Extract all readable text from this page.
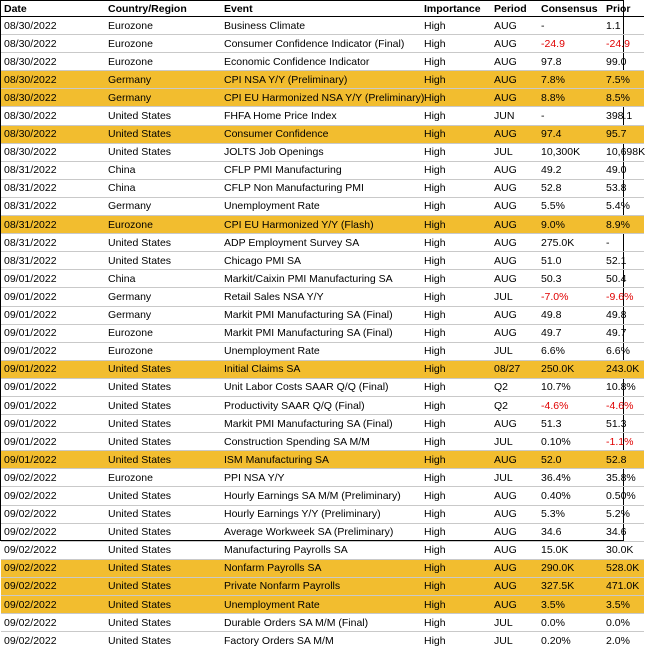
Date	Country/Region	Event	Importance	Period	Consensus	Prior
08/30/2022	Eurozone	Business Climate	High	AUG	-	1.1
08/30/2022	Eurozone	Consumer Confidence Indicator (Final)	High	AUG	-24.9	-24.9
08/30/2022	Eurozone	Economic Confidence Indicator	High	AUG	97.8	99.0
08/30/2022	Germany	CPI NSA Y/Y (Preliminary)	High	AUG	7.8%	7.5%
08/30/2022	Germany	CPI EU Harmonized NSA Y/Y (Preliminary)	High	AUG	8.8%	8.5%
08/30/2022	United States	FHFA Home Price Index	High	JUN	-	398.1
08/30/2022	United States	Consumer Confidence	High	AUG	97.4	95.7
08/30/2022	United States	JOLTS Job Openings	High	JUL	10,300K	10,698K
08/31/2022	China	CFLP PMI Manufacturing	High	AUG	49.2	49.0
08/31/2022	China	CFLP Non Manufacturing PMI	High	AUG	52.8	53.8
08/31/2022	Germany	Unemployment Rate	High	AUG	5.5%	5.4%
08/31/2022	Eurozone	CPI EU Harmonized Y/Y (Flash)	High	AUG	9.0%	8.9%
08/31/2022	United States	ADP Employment Survey SA	High	AUG	275.0K	-
08/31/2022	United States	Chicago PMI SA	High	AUG	51.0	52.1
09/01/2022	China	Markit/Caixin PMI Manufacturing SA	High	AUG	50.3	50.4
09/01/2022	Germany	Retail Sales NSA Y/Y	High	JUL	-7.0%	-9.6%
09/01/2022	Germany	Markit PMI Manufacturing SA (Final)	High	AUG	49.8	49.8
09/01/2022	Eurozone	Markit PMI Manufacturing SA (Final)	High	AUG	49.7	49.7
09/01/2022	Eurozone	Unemployment Rate	High	JUL	6.6%	6.6%
09/01/2022	United States	Initial Claims SA	High	08/27	250.0K	243.0K
09/01/2022	United States	Unit Labor Costs SAAR Q/Q (Final)	High	Q2	10.7%	10.8%
09/01/2022	United States	Productivity SAAR Q/Q (Final)	High	Q2	-4.6%	-4.6%
09/01/2022	United States	Markit PMI Manufacturing SA (Final)	High	AUG	51.3	51.3
09/01/2022	United States	Construction Spending SA M/M	High	JUL	0.10%	-1.1%
09/01/2022	United States	ISM Manufacturing SA	High	AUG	52.0	52.8
09/02/2022	Eurozone	PPI NSA Y/Y	High	JUL	36.4%	35.8%
09/02/2022	United States	Hourly Earnings SA M/M (Preliminary)	High	AUG	0.40%	0.50%
09/02/2022	United States	Hourly Earnings Y/Y (Preliminary)	High	AUG	5.3%	5.2%
09/02/2022	United States	Average Workweek SA (Preliminary)	High	AUG	34.6	34.6
09/02/2022	United States	Manufacturing Payrolls SA	High	AUG	15.0K	30.0K
09/02/2022	United States	Nonfarm Payrolls SA	High	AUG	290.0K	528.0K
09/02/2022	United States	Private Nonfarm Payrolls	High	AUG	327.5K	471.0K
09/02/2022	United States	Unemployment Rate	High	AUG	3.5%	3.5%
09/02/2022	United States	Durable Orders SA M/M (Final)	High	JUL	0.0%	0.0%
09/02/2022	United States	Factory Orders SA M/M	High	JUL	0.20%	2.0%
